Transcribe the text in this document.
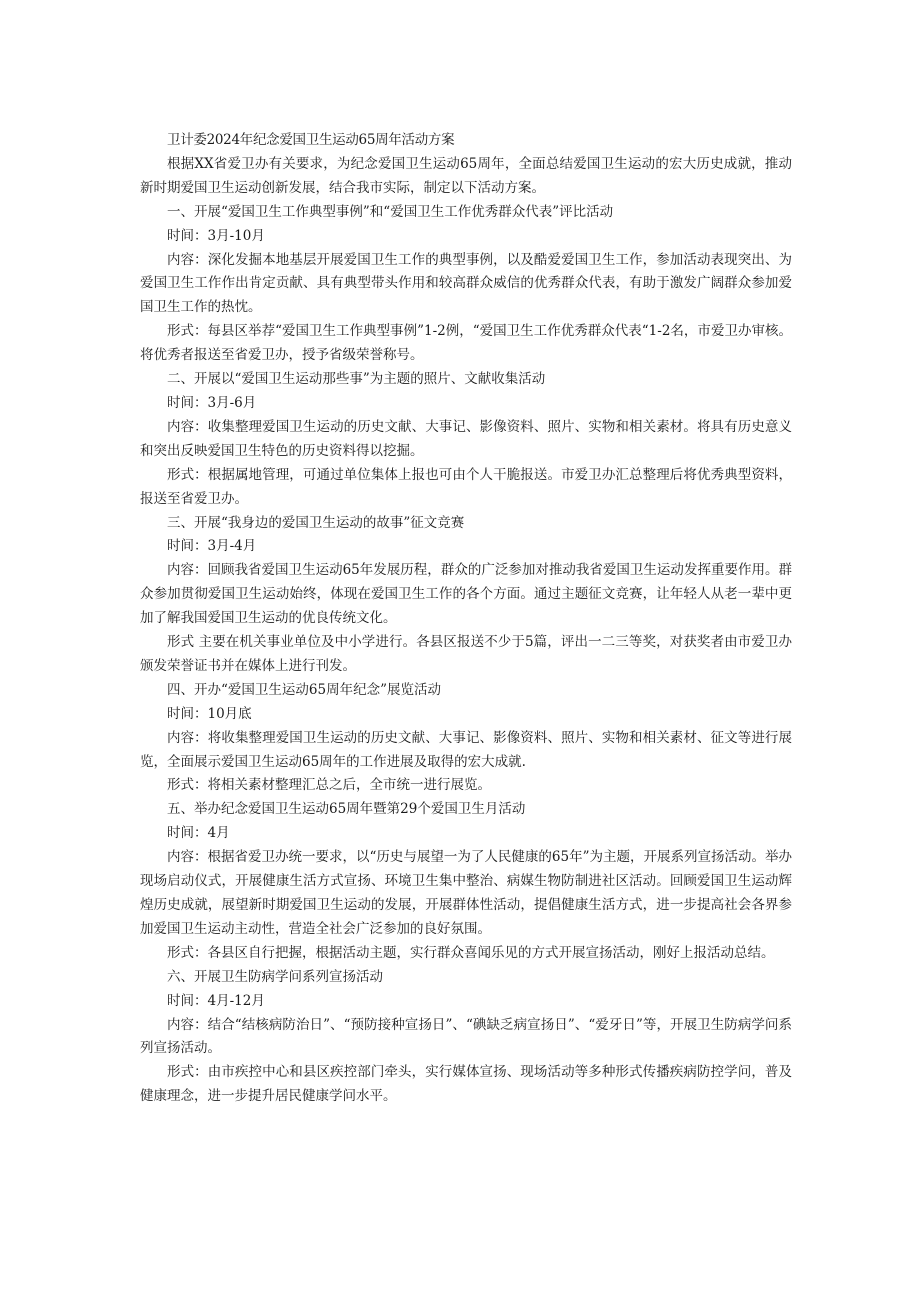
卫计委2024年纪念爱国卫生运动65周年活动方案

根据XX省爱卫办有关要求，为纪念爱国卫生运动65周年，全面总结爱国卫生运动的宏大历史成就，推动新时期爱国卫生运动创新发展，结合我市实际，制定以下活动方案。

一、开展“爱国卫生工作典型事例”和“爱国卫生工作优秀群众代表”评比活动

时间：3月-10月

内容：深化发掘本地基层开展爱国卫生工作的典型事例，以及酷爱爱国卫生工作，参加活动表现突出、为爱国卫生工作作出肯定贡献、具有典型带头作用和较高群众威信的优秀群众代表，有助于激发广阔群众参加爱国卫生工作的热忱。

形式：每县区举荐“爱国卫生工作典型事例”1-2例，“爱国卫生工作优秀群众代表“1-2名，市爱卫办审核。将优秀者报送至省爱卫办，授予省级荣誉称号。

二、开展以“爱国卫生运动那些事”为主题的照片、文献收集活动

时间：3月-6月

内容：收集整理爱国卫生运动的历史文献、大事记、影像资料、照片、实物和相关素材。将具有历史意义和突出反映爱国卫生特色的历史资料得以挖掘。

形式：根据属地管理，可通过单位集体上报也可由个人干脆报送。市爱卫办汇总整理后将优秀典型资料，报送至省爱卫办。

三、开展“我身边的爱国卫生运动的故事”征文竞赛

时间：3月-4月

内容：回顾我省爱国卫生运动65年发展历程，群众的广泛参加对推动我省爱国卫生运动发挥重要作用。群众参加贯彻爱国卫生运动始终，体现在爱国卫生工作的各个方面。通过主题征文竞赛，让年轻人从老一辈中更加了解我国爱国卫生运动的优良传统文化。

形式 主要在机关事业单位及中小学进行。各县区报送不少于5篇，评出一二三等奖，对获奖者由市爱卫办颁发荣誉证书并在媒体上进行刊发。

四、开办“爱国卫生运动65周年纪念”展览活动

时间：10月底

内容：将收集整理爱国卫生运动的历史文献、大事记、影像资料、照片、实物和相关素材、征文等进行展览，全面展示爱国卫生运动65周年的工作进展及取得的宏大成就.

形式：将相关素材整理汇总之后，全市统一进行展览。

五、举办纪念爱国卫生运动65周年暨第29个爱国卫生月活动

时间：4月

内容：根据省爱卫办统一要求，以“历史与展望一为了人民健康的65年”为主题，开展系列宣扬活动。举办现场启动仪式，开展健康生活方式宣扬、环境卫生集中整治、病媒生物防制进社区活动。回顾爱国卫生运动辉煌历史成就，展望新时期爱国卫生运动的发展，开展群体性活动，提倡健康生活方式，进一步提高社会各界参加爱国卫生运动主动性，营造全社会广泛参加的良好氛围。

形式：各县区自行把握，根据活动主题，实行群众喜闻乐见的方式开展宣扬活动，刚好上报活动总结。

六、开展卫生防病学问系列宣扬活动

时间：4月-12月

内容：结合“结核病防治日”、“预防接种宣扬日”、“碘缺乏病宣扬日”、“爱牙日”等，开展卫生防病学问系列宣扬活动。

形式：由市疾控中心和县区疾控部门牵头，实行媒体宣扬、现场活动等多种形式传播疾病防控学问，普及健康理念，进一步提升居民健康学问水平。
